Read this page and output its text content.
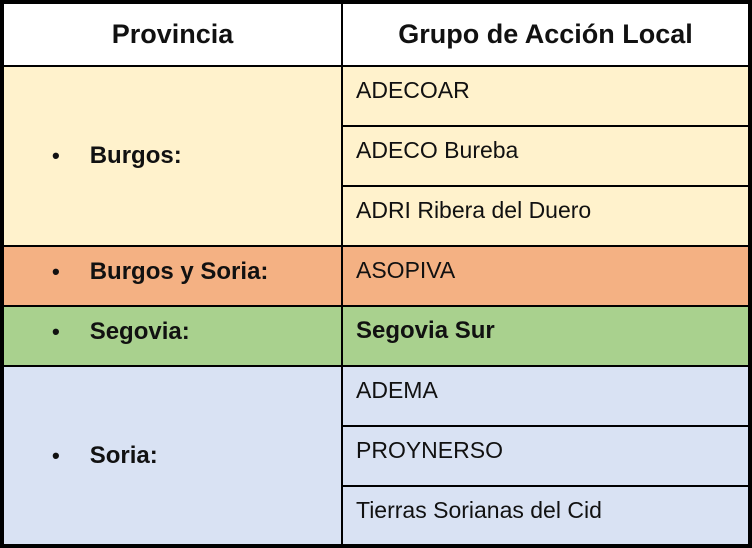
Provincia	Grupo de Acción Local

• Burgos:	ADECOAR
	ADECO Bureba
	ADRI Ribera del Duero

• Burgos y Soria:	ASOPIVA

• Segovia:	Segovia Sur

• Soria:	ADEMA
	PROYNERSO
	Tierras Sorianas del Cid
